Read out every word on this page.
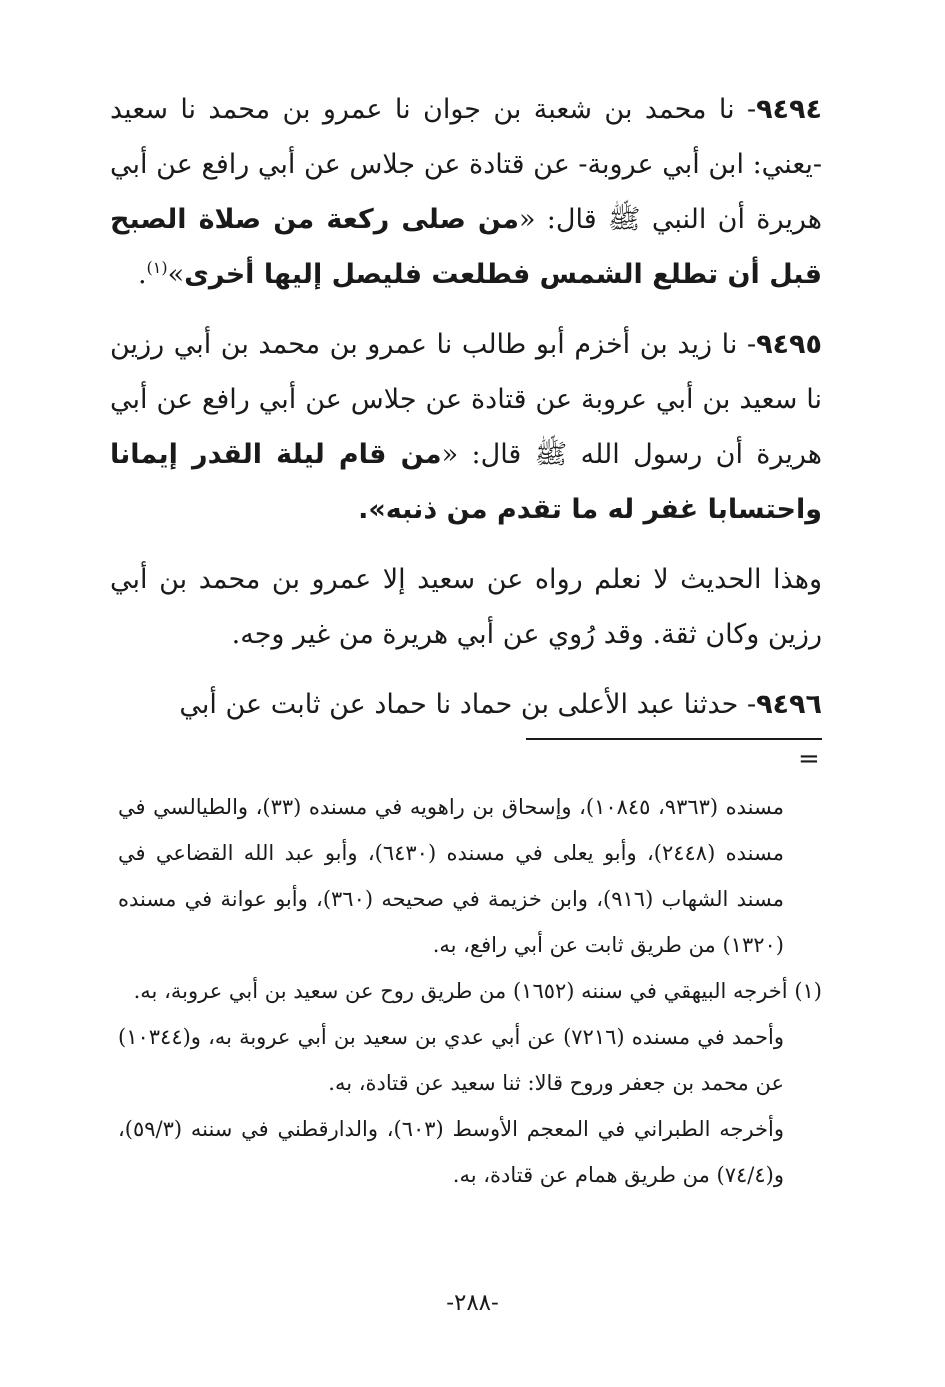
٩٤٩٤- نا محمد بن شعبة بن جوان نا عمرو بن محمد نا سعيد -يعني: ابن أبي عروبة- عن قتادة عن جلاس عن أبي رافع عن أبي هريرة أن النبي ﷺ قال: «من صلى ركعة من صلاة الصبح قبل أن تطلع الشمس فطلعت فليصل إليها أخرى»$^{(١)}$.

٩٤٩٥- نا زيد بن أخزم أبو طالب نا عمرو بن محمد بن أبي رزين نا سعيد بن أبي عروبة عن قتادة عن جلاس عن أبي رافع عن أبي هريرة أن رسول الله ﷺ قال: «من قام ليلة القدر إيمانا واحتسابا غفر له ما تقدم من ذنبه».

وهذا الحديث لا نعلم رواه عن سعيد إلا عمرو بن محمد بن أبي رزين وكان ثقة. وقد رُوي عن أبي هريرة من غير وجه.

٩٤٩٦- حدثنا عبد الأعلى بن حماد نا حماد عن ثابت عن أبي

=

مسنده (٩٣٦٣، ١٠٨٤٥)، وإسحاق بن راهويه في مسنده (٣٣)، والطيالسي في مسنده (٢٤٤٨)، وأبو يعلى في مسنده (٦٤٣٠)، وأبو عبد الله القضاعي في مسند الشهاب (٩١٦)، وابن خزيمة في صحيحه (٣٦٠)، وأبو عوانة في مسنده (١٣٢٠) من طريق ثابت عن أبي رافع، به.

(١) أخرجه البيهقي في سننه (١٦٥٢) من طريق روح عن سعيد بن أبي عروبة، به.

وأحمد في مسنده (٧٢١٦) عن أبي عدي بن سعيد بن أبي عروبة به، و(١٠٣٤٤) عن محمد بن جعفر وروح قالا: ثنا سعيد عن قتادة، به.

وأخرجه الطبراني في المعجم الأوسط (٦٠٣)، والدارقطني في سننه (٥٩/٣)، و(٧٤/٤) من طريق همام عن قتادة، به.

-٢٨٨-
